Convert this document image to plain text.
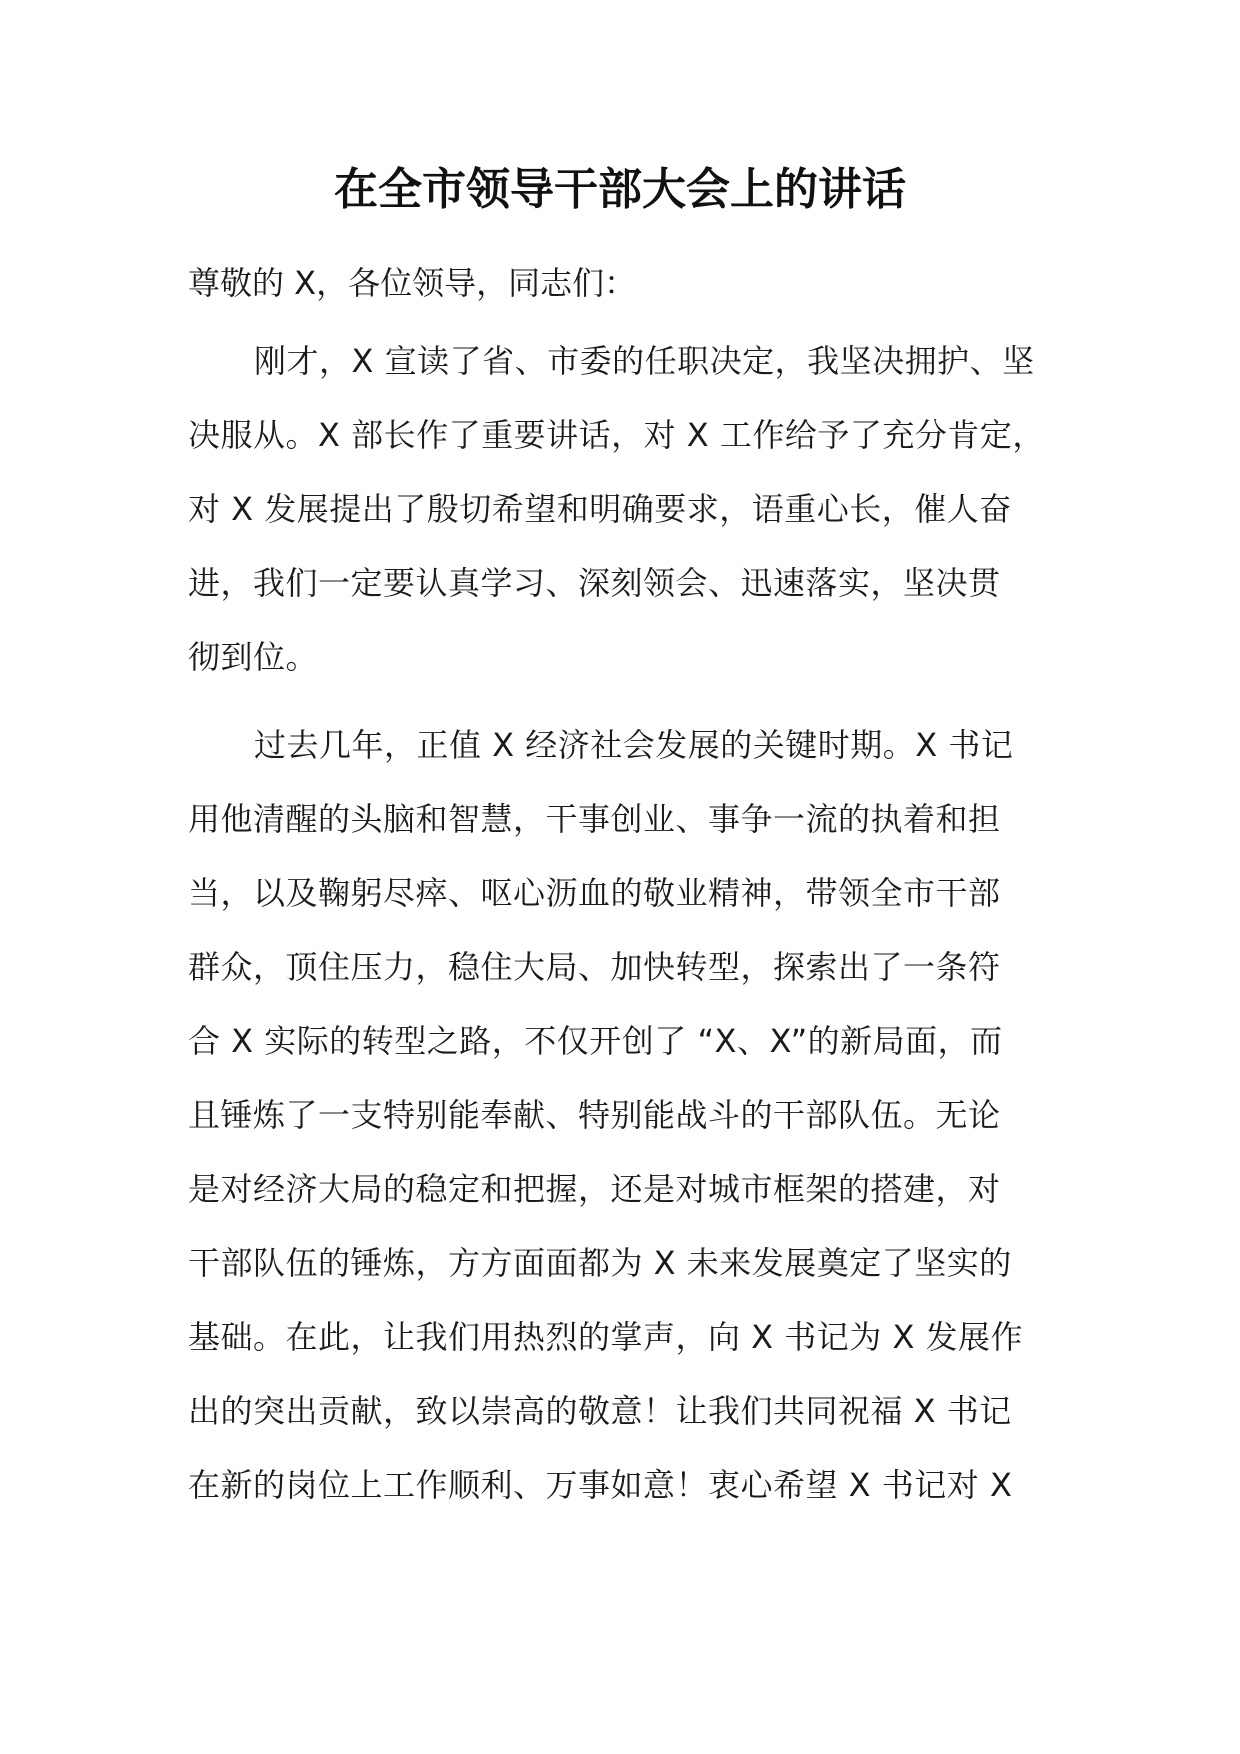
在全市领导干部大会上的讲话

尊敬的 X，各位领导，同志们：

刚才，X 宣读了省、市委的任职决定，我坚决拥护、坚
决服从。X 部长作了重要讲话，对 X 工作给予了充分肯定，
对 X 发展提出了殷切希望和明确要求，语重心长，催人奋
进，我们一定要认真学习、深刻领会、迅速落实，坚决贯
彻到位。
过去几年，正值 X 经济社会发展的关键时期。X 书记
用他清醒的头脑和智慧，干事创业、事争一流的执着和担
当，以及鞠躬尽瘁、呕心沥血的敬业精神，带领全市干部
群众，顶住压力，稳住大局、加快转型，探索出了一条符
合 X 实际的转型之路，不仅开创了 “X、X”的新局面，而
且锤炼了一支特别能奉献、特别能战斗的干部队伍。无论
是对经济大局的稳定和把握，还是对城市框架的搭建，对
干部队伍的锤炼，方方面面都为 X 未来发展奠定了坚实的
基础。在此，让我们用热烈的掌声，向 X 书记为 X 发展作
出的突出贡献，致以崇高的敬意！让我们共同祝福 X 书记
在新的岗位上工作顺利、万事如意！衷心希望 X 书记对 X
